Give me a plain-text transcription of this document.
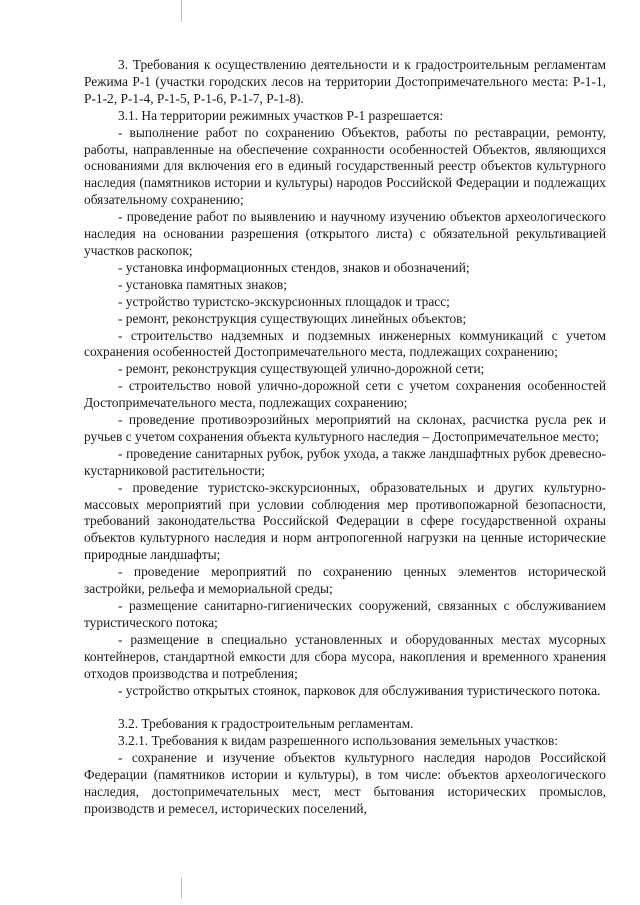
3. Требования к осуществлению деятельности и к градостроительным регламентам Режима Р-1 (участки городских лесов на территории Достопримечательного места: Р-1-1, Р-1-2, Р-1-4, Р-1-5, Р-1-6, Р-1-7, Р-1-8).

3.1. На территории режимных участков Р-1 разрешается:

- выполнение работ по сохранению Объектов, работы по реставрации, ремонту, работы, направленные на обеспечение сохранности особенностей Объектов, являющихся основаниями для включения его в единый государственный реестр объектов культурного наследия (памятников истории и культуры) народов Российской Федерации и подлежащих обязательному сохранению;

- проведение работ по выявлению и научному изучению объектов археологического наследия на основании разрешения (открытого листа) с обязательной рекультивацией участков раскопок;

- установка информационных стендов, знаков и обозначений;

- установка памятных знаков;

- устройство туристско-экскурсионных площадок и трасс;

- ремонт, реконструкция существующих линейных объектов;

- строительство надземных и подземных инженерных коммуникаций с учетом сохранения особенностей Достопримечательного места, подлежащих сохранению;

- ремонт, реконструкция существующей улично-дорожной сети;

- строительство новой улично-дорожной сети с учетом сохранения особенностей Достопримечательного места, подлежащих сохранению;

- проведение противоэрозийных мероприятий на склонах, расчистка русла рек и ручьев с учетом сохранения объекта культурного наследия – Достопримечательное место;

- проведение санитарных рубок, рубок ухода, а также ландшафтных рубок древесно- кустарниковой растительности;

- проведение туристско-экскурсионных, образовательных и других культурно-массовых мероприятий при условии соблюдения мер противопожарной безопасности, требований законодательства Российской Федерации в сфере государственной охраны объектов культурного наследия и норм антропогенной нагрузки на ценные исторические природные ландшафты;

- проведение мероприятий по сохранению ценных элементов исторической застройки, рельефа и мемориальной среды;

- размещение санитарно-гигиенических сооружений, связанных с обслуживанием туристического потока;

- размещение в специально установленных и оборудованных местах мусорных контейнеров, стандартной емкости для сбора мусора, накопления и временного хранения отходов производства и потребления;

- устройство открытых стоянок, парковок для обслуживания туристического потока.

3.2. Требования к градостроительным регламентам.

3.2.1. Требования к видам разрешенного использования земельных участков:

- сохранение и изучение объектов культурного наследия народов Российской Федерации (памятников истории и культуры), в том числе: объектов археологического наследия, достопримечательных мест, мест бытования исторических промыслов, производств и ремесел, исторических поселений,
